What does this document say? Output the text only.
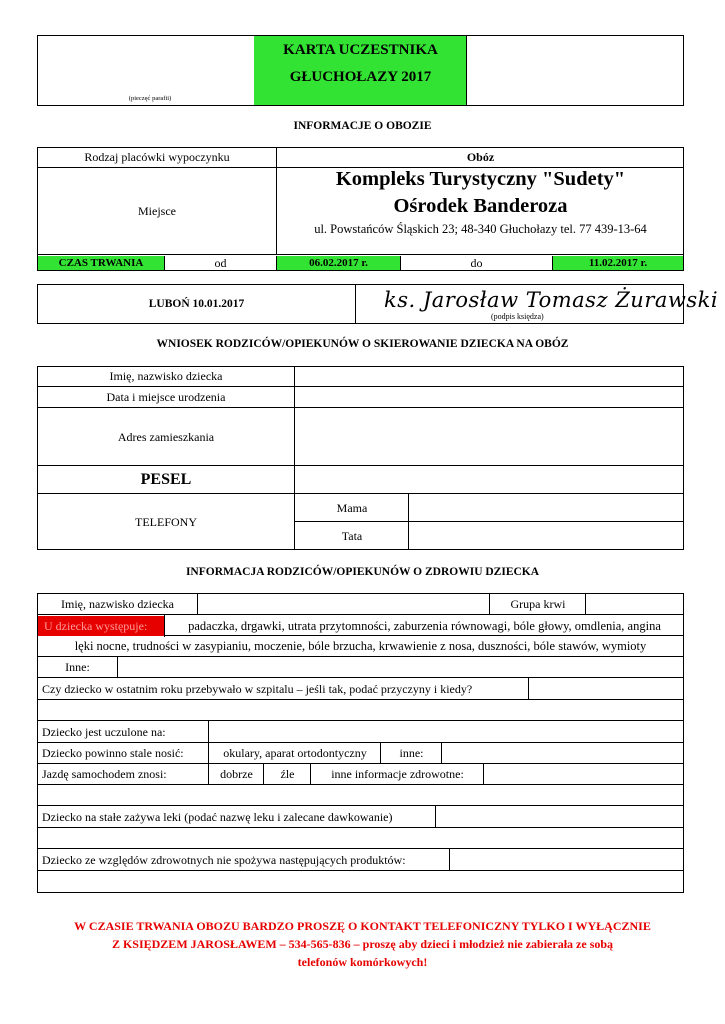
(pieczęć parafii)
KARTA UCZESTNIKA
GŁUCHOŁAZY 2017
INFORMACJE O OBOZIE
Rodzaj placówki wypoczynku	Obóz
Miejsce
Kompleks Turystyczny "Sudety"
Ośrodek Banderoza
ul. Powstańców Śląskich 23; 48-340 Głuchołazy tel. 77 439-13-64
CZAS TRWANIA	od	06.02.2017 r.	do	11.02.2017 r.
LUBOŃ 10.01.2017	ks. Jarosław Tomasz Żurawski
(podpis księdza)
WNIOSEK RODZICÓW/OPIEKUNÓW O SKIEROWANIE DZIECKA NA OBÓZ
Imię, nazwisko dziecka
Data i miejsce urodzenia
Adres zamieszkania
PESEL
TELEFONY
Mama
Tata
INFORMACJA RODZICÓW/OPIEKUNÓW O ZDROWIU DZIECKA
Imię, nazwisko dziecka	Grupa krwi
U dziecka występuje:	padaczka, drgawki, utrata przytomności, zaburzenia równowagi, bóle głowy, omdlenia, angina
lęki nocne, trudności w zasypianiu, moczenie, bóle brzucha, krwawienie z nosa, duszności, bóle stawów, wymioty
Inne:
Czy dziecko w ostatnim roku przebywało w szpitalu – jeśli tak, podać przyczyny i kiedy?
Dziecko jest uczulone na:
Dziecko powinno stale nosić:	okulary, aparat ortodontyczny	inne:
Jazdę samochodem znosi:	dobrze	źle	inne informacje zdrowotne:
Dziecko na stałe zażywa leki (podać nazwę leku i zalecane dawkowanie)
Dziecko ze względów zdrowotnych nie spożywa następujących produktów:
W CZASIE TRWANIA OBOZU BARDZO PROSZĘ O KONTAKT TELEFONICZNY TYLKO I WYŁĄCZNIE
Z KSIĘDZEM JAROSŁAWEM – 534-565-836 – proszę aby dzieci i młodzież nie zabierała ze sobą
telefonów komórkowych!
